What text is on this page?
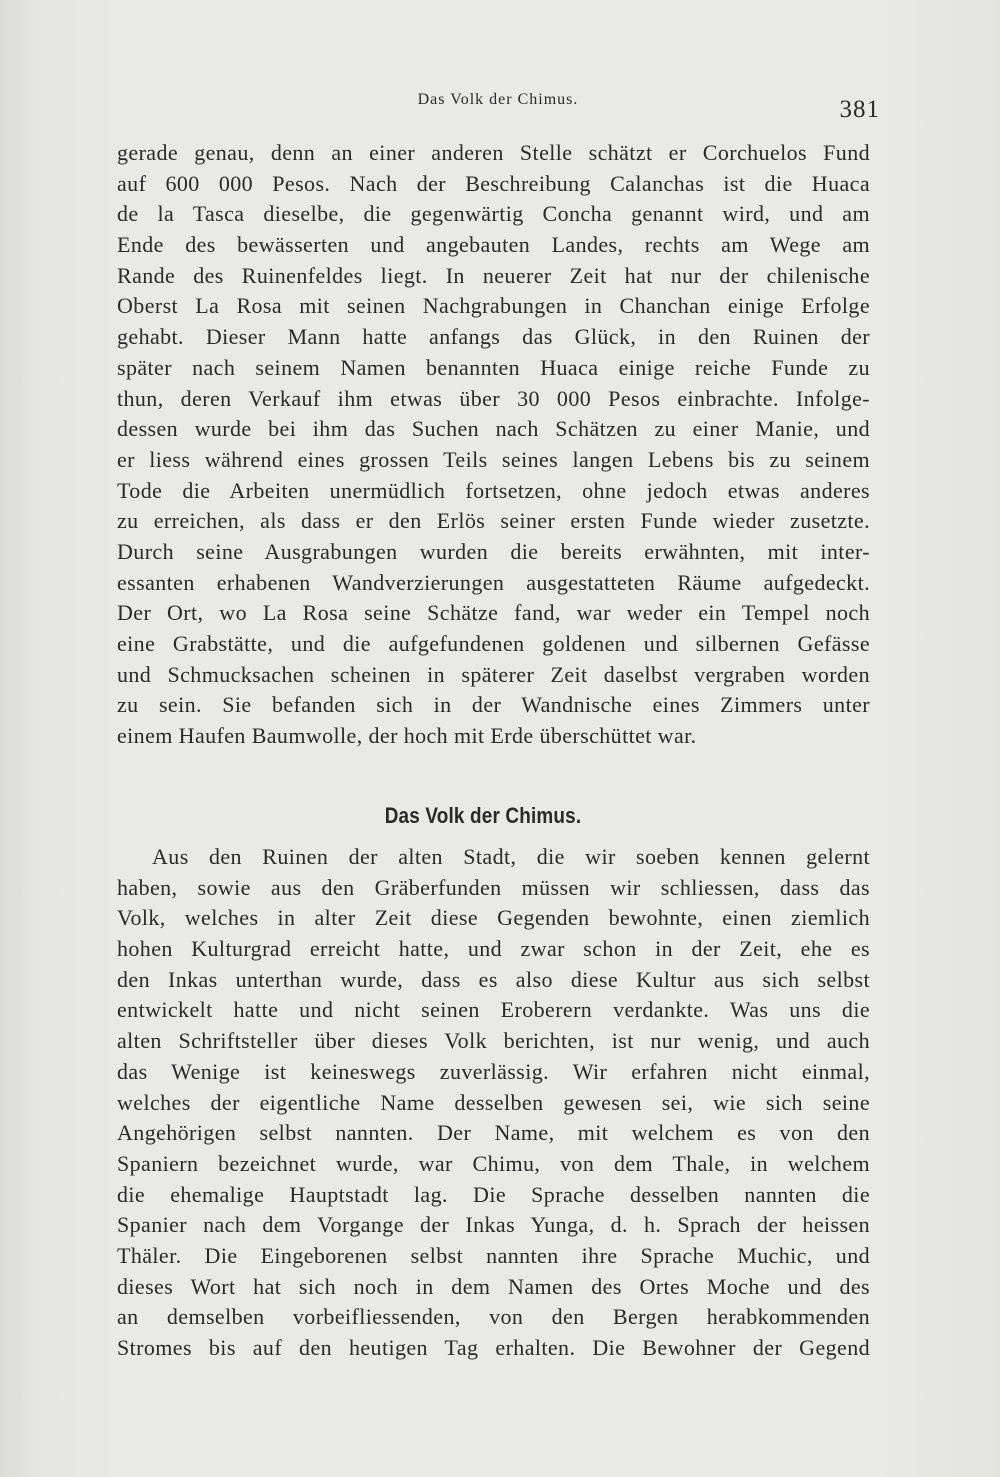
Das Volk der Chimus.	381
gerade genau, denn an einer anderen Stelle schätzt er Corchuelos Fund
auf 600 000 Pesos. Nach der Beschreibung Calanchas ist die Huaca
de la Tasca dieselbe, die gegenwärtig Concha genannt wird, und am
Ende des bewässerten und angebauten Landes, rechts am Wege am
Rande des Ruinenfeldes liegt. In neuerer Zeit hat nur der chilenische
Oberst La Rosa mit seinen Nachgrabungen in Chanchan einige Erfolge
gehabt. Dieser Mann hatte anfangs das Glück, in den Ruinen der
später nach seinem Namen benannten Huaca einige reiche Funde zu
thun, deren Verkauf ihm etwas über 30 000 Pesos einbrachte. Infolge-
dessen wurde bei ihm das Suchen nach Schätzen zu einer Manie, und
er liess während eines grossen Teils seines langen Lebens bis zu seinem
Tode die Arbeiten unermüdlich fortsetzen, ohne jedoch etwas anderes
zu erreichen, als dass er den Erlös seiner ersten Funde wieder zusetzte.
Durch seine Ausgrabungen wurden die bereits erwähnten, mit inter-
essanten erhabenen Wandverzierungen ausgestatteten Räume aufgedeckt.
Der Ort, wo La Rosa seine Schätze fand, war weder ein Tempel noch
eine Grabstätte, und die aufgefundenen goldenen und silbernen Gefässe
und Schmucksachen scheinen in späterer Zeit daselbst vergraben worden
zu sein. Sie befanden sich in der Wandnische eines Zimmers unter
einem Haufen Baumwolle, der hoch mit Erde überschüttet war.
Das Volk der Chimus.
Aus den Ruinen der alten Stadt, die wir soeben kennen gelernt
haben, sowie aus den Gräberfunden müssen wir schliessen, dass das
Volk, welches in alter Zeit diese Gegenden bewohnte, einen ziemlich
hohen Kulturgrad erreicht hatte, und zwar schon in der Zeit, ehe es
den Inkas unterthan wurde, dass es also diese Kultur aus sich selbst
entwickelt hatte und nicht seinen Eroberern verdankte. Was uns die
alten Schriftsteller über dieses Volk berichten, ist nur wenig, und auch
das Wenige ist keineswegs zuverlässig. Wir erfahren nicht einmal,
welches der eigentliche Name desselben gewesen sei, wie sich seine
Angehörigen selbst nannten. Der Name, mit welchem es von den
Spaniern bezeichnet wurde, war Chimu, von dem Thale, in welchem
die ehemalige Hauptstadt lag. Die Sprache desselben nannten die
Spanier nach dem Vorgange der Inkas Yunga, d. h. Sprach der heissen
Thäler. Die Eingeborenen selbst nannten ihre Sprache Muchic, und
dieses Wort hat sich noch in dem Namen des Ortes Moche und des
an demselben vorbeifliessenden, von den Bergen herabkommenden
Stromes bis auf den heutigen Tag erhalten. Die Bewohner der Gegend
